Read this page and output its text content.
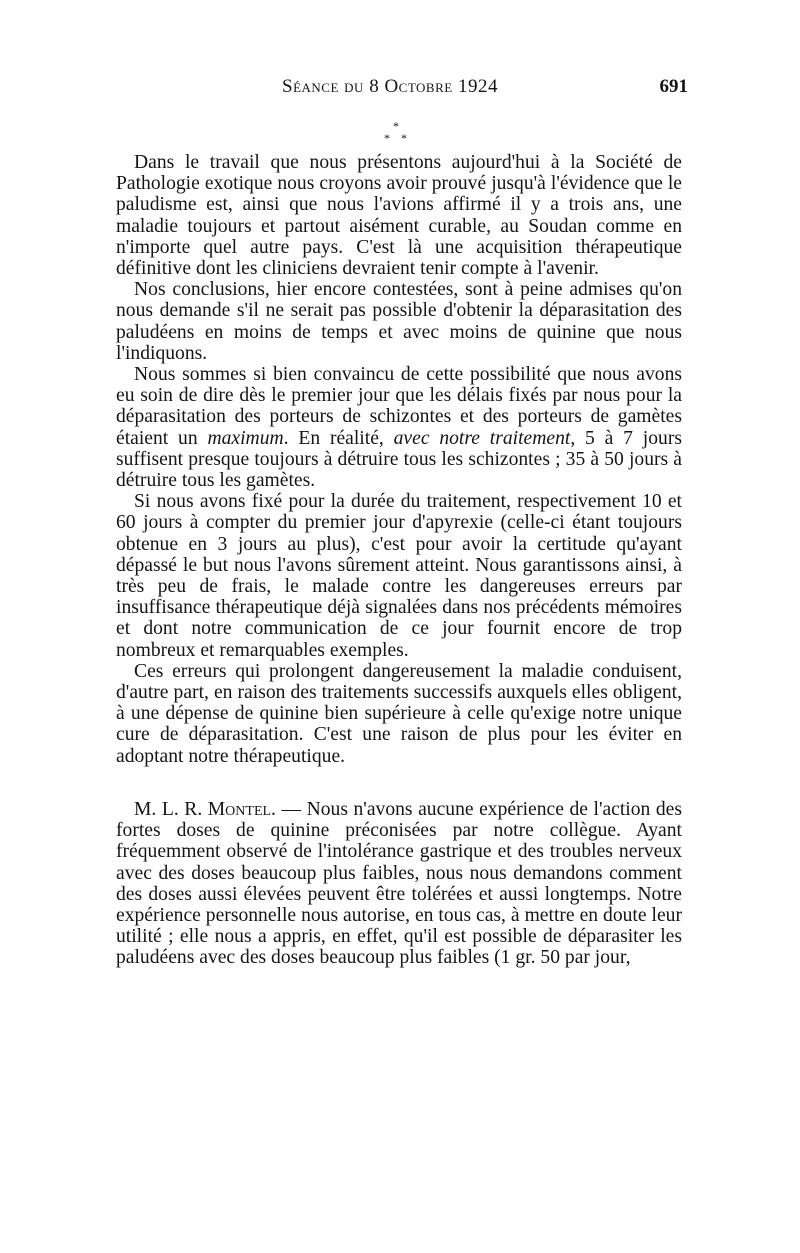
Séance du 8 Octobre 1924	691
*
* *

Dans le travail que nous présentons aujourd'hui à la Société de Pathologie exotique nous croyons avoir prouvé jusqu'à l'évidence que le paludisme est, ainsi que nous l'avions affirmé il y a trois ans, une maladie toujours et partout aisément curable, au Soudan comme en n'importe quel autre pays. C'est là une acquisition thérapeutique définitive dont les cliniciens devraient tenir compte à l'avenir.

Nos conclusions, hier encore contestées, sont à peine admises qu'on nous demande s'il ne serait pas possible d'obtenir la déparasitation des paludéens en moins de temps et avec moins de quinine que nous l'indiquons.

Nous sommes si bien convaincu de cette possibilité que nous avons eu soin de dire dès le premier jour que les délais fixés par nous pour la déparasitation des porteurs de schizontes et des porteurs de gamètes étaient un maximum. En réalité, avec notre traitement, 5 à 7 jours suffisent presque toujours à détruire tous les schizontes ; 35 à 50 jours à détruire tous les gamètes.

Si nous avons fixé pour la durée du traitement, respectivement 10 et 60 jours à compter du premier jour d'apyrexie (celle-ci étant toujours obtenue en 3 jours au plus), c'est pour avoir la certitude qu'ayant dépassé le but nous l'avons sûrement atteint. Nous garantissons ainsi, à très peu de frais, le malade contre les dangereuses erreurs par insuffisance thérapeutique déjà signalées dans nos précédents mémoires et dont notre communication de ce jour fournit encore de trop nombreux et remarquables exemples.

Ces erreurs qui prolongent dangereusement la maladie conduisent, d'autre part, en raison des traitements successifs auxquels elles obligent, à une dépense de quinine bien supérieure à celle qu'exige notre unique cure de déparasitation. C'est une raison de plus pour les éviter en adoptant notre thérapeutique.

M. L. R. Montel. — Nous n'avons aucune expérience de l'action des fortes doses de quinine préconisées par notre collègue. Ayant fréquemment observé de l'intolérance gastrique et des troubles nerveux avec des doses beaucoup plus faibles, nous nous demandons comment des doses aussi élevées peuvent être tolérées et aussi longtemps. Notre expérience personnelle nous autorise, en tous cas, à mettre en doute leur utilité ; elle nous a appris, en effet, qu'il est possible de déparasiter les paludéens avec des doses beaucoup plus faibles (1 gr. 50 par jour,
